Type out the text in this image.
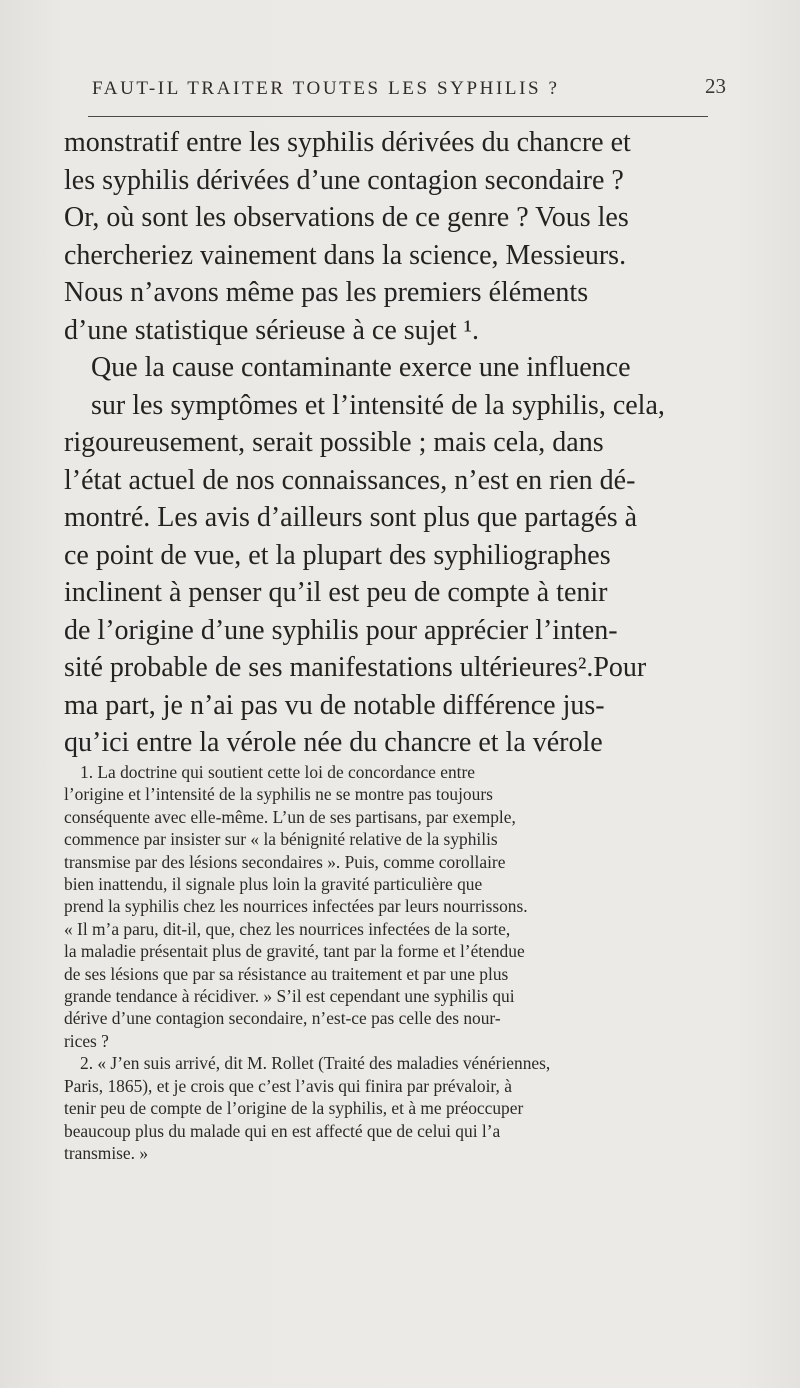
FAUT-IL TRAITER TOUTES LES SYPHILIS ?	23
monstratif entre les syphilis dérivées du chancre et
les syphilis dérivées d’une contagion secondaire ?
Or, où sont les observations de ce genre ? Vous les
chercheriez vainement dans la science, Messieurs.
Nous n’avons même pas les premiers éléments
d’une statistique sérieuse à ce sujet ¹.
Que la cause contaminante exerce une influence
sur les symptômes et l’intensité de la syphilis, cela,
rigoureusement, serait possible ; mais cela, dans
l’état actuel de nos connaissances, n’est en rien dé-
montré. Les avis d’ailleurs sont plus que partagés à
ce point de vue, et la plupart des syphiliographes
inclinent à penser qu’il est peu de compte à tenir
de l’origine d’une syphilis pour apprécier l’inten-
sité probable de ses manifestations ultérieures².Pour
ma part, je n’ai pas vu de notable différence jus-
qu’ici entre la vérole née du chancre et la vérole
1. La doctrine qui soutient cette loi de concordance entre
l’origine et l’intensité de la syphilis ne se montre pas toujours
conséquente avec elle-même. L’un de ses partisans, par exemple,
commence par insister sur « la bénignité relative de la syphilis
transmise par des lésions secondaires ». Puis, comme corollaire
bien inattendu, il signale plus loin la gravité particulière que
prend la syphilis chez les nourrices infectées par leurs nourrissons.
« Il m’a paru, dit-il, que, chez les nourrices infectées de la sorte,
la maladie présentait plus de gravité, tant par la forme et l’étendue
de ses lésions que par sa résistance au traitement et par une plus
grande tendance à récidiver. » S’il est cependant une syphilis qui
dérive d’une contagion secondaire, n’est-ce pas celle des nour-
rices ?
2. « J’en suis arrivé, dit M. Rollet (Traité des maladies vénériennes,
Paris, 1865), et je crois que c’est l’avis qui finira par prévaloir, à
tenir peu de compte de l’origine de la syphilis, et à me préoccuper
beaucoup plus du malade qui en est affecté que de celui qui l’a
transmise. »
